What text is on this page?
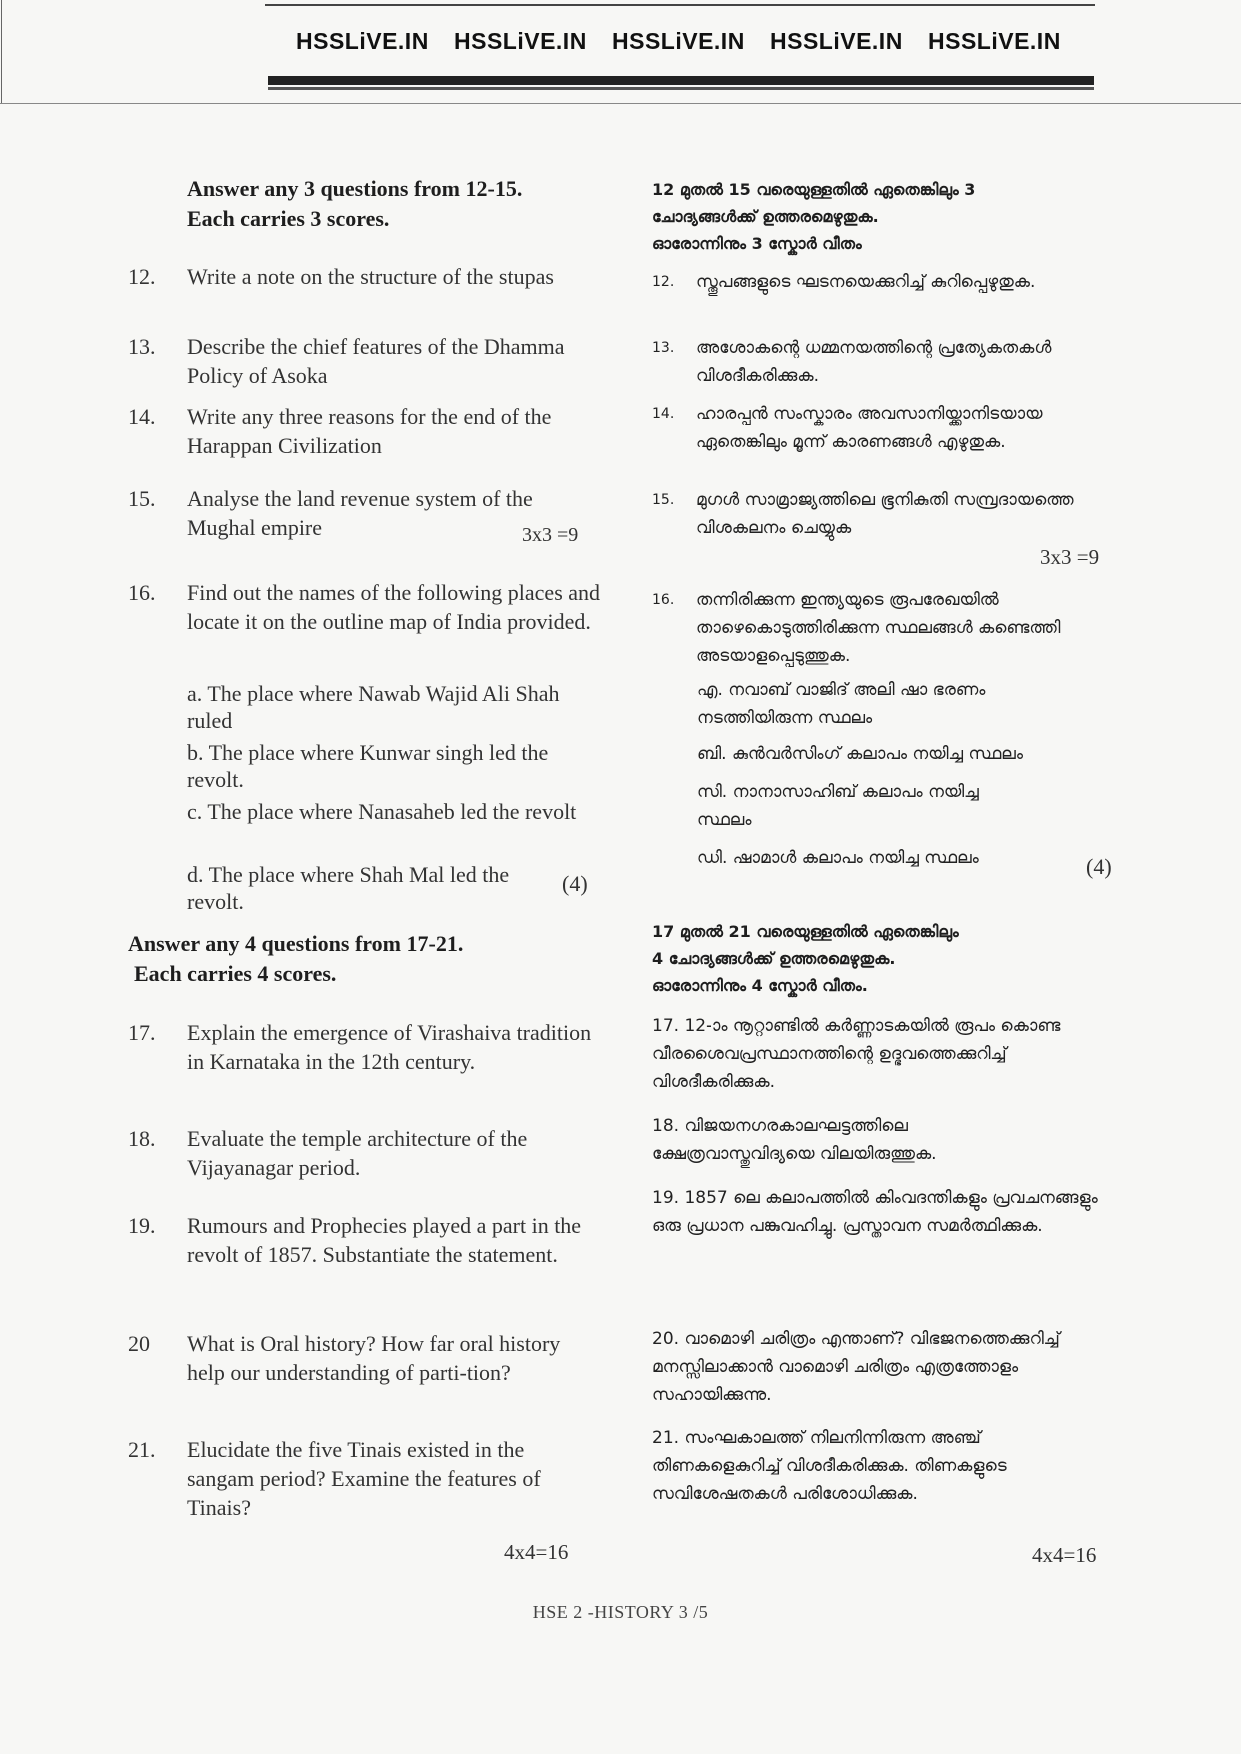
HSSLiVE.IN	HSSLiVE.IN	HSSLiVE.IN	HSSLiVE.IN	HSSLiVE.IN
Answer any 3 questions from 12-15.
Each carries 3 scores.
12. Write a note on the structure of the stupas
13. Describe the chief features of the Dhamma Policy of Asoka
14. Write any three reasons for the end of the Harappan Civilization
15. Analyse the land revenue system of the Mughal empire	3x3 =9
16. Find out the names of the following places and locate it on the outline map of India provided.
a. The place where Nawab Wajid Ali Shah ruled
b. The place where Kunwar singh led the revolt.
c. The place where Nanasaheb led the revolt
d. The place where Shah Mal led the revolt.
(4)
Answer any 4 questions from 17-21.
Each carries 4 scores.
17. Explain the emergence of Virashaiva tradition in Karnataka in the 12th century.
18. Evaluate the temple architecture of the Vijayanagar period.
19. Rumours and Prophecies played a part in the revolt of 1857. Substantiate the statement.
20 What is Oral history? How far oral history help our understanding of parti-tion?
21. Elucidate the five Tinais existed in the sangam period? Examine the features of Tinais?
4x4=16
12 മുതൽ 15 വരെയുള്ളതിൽ ഏതെങ്കിലും 3
ചോദ്യങ്ങൾക്ക് ഉത്തരമെഴുതുക.
ഓരോന്നിനും 3 സ്കോർ വീതം
12. സ്തൂപങ്ങളുടെ ഘടനയെക്കുറിച്ച് കുറിപ്പെഴുതുക.
13. അശോകന്റെ ധമ്മനയത്തിന്റെ പ്രത്യേകതകൾ വിശദീകരിക്കുക.
14. ഹാരപ്പൻ സംസ്കാരം അവസാനിയ്ക്കാനിടയായ ഏതെങ്കിലും മൂന്ന് കാരണങ്ങൾ എഴുതുക.
15. മുഗൾ സാമ്രാജ്യത്തിലെ ഭൂനികുതി സമ്പ്രദായത്തെ വിശകലനം ചെയ്യുക
3x3 =9
16. തന്നിരിക്കുന്ന ഇന്ത്യയുടെ രൂപരേഖയിൽ താഴെകൊടുത്തിരിക്കുന്ന സ്ഥലങ്ങൾ കണ്ടെത്തി അടയാളപ്പെടുത്തുക.
എ. നവാബ് വാജിദ് അലി ഷാ ഭരണം നടത്തിയിരുന്ന സ്ഥലം
ബി. കുൻവർസിംഗ് കലാപം നയിച്ച സ്ഥലം
സി. നാനാസാഹിബ് കലാപം നയിച്ച സ്ഥലം
ഡി. ഷാമാൾ കലാപം നയിച്ച സ്ഥലം	(4)
17 മുതൽ 21 വരെയുള്ളതിൽ ഏതെങ്കിലും
4 ചോദ്യങ്ങൾക്ക് ഉത്തരമെഴുതുക.
ഓരോന്നിനും 4 സ്കോർ വീതം.
17. 12-ാം നൂറ്റാണ്ടിൽ കർണ്ണാടകയിൽ രൂപം കൊണ്ട വീരശൈവപ്രസ്ഥാനത്തിന്റെ ഉദ്ഭവത്തെക്കുറിച്ച് വിശദീകരിക്കുക.
18. വിജയനഗരകാലഘട്ടത്തിലെ ക്ഷേത്രവാസ്തുവിദ്യയെ വിലയിരുത്തുക.
19. 1857 ലെ കലാപത്തിൽ കിംവദന്തികളും പ്രവചനങ്ങളും ഒരു പ്രധാന പങ്കുവഹിച്ചു. പ്രസ്താവന സമർത്ഥിക്കുക.
20. വാമൊഴി ചരിത്രം എന്താണ്? വിഭജനത്തെക്കുറിച്ച് മനസ്സിലാക്കാൻ വാമൊഴി ചരിത്രം എത്രത്തോളം സഹായിക്കുന്നു.
21. സംഘകാലത്ത് നിലനിന്നിരുന്ന അഞ്ച് തിണകളെകുറിച്ച് വിശദീകരിക്കുക. തിണകളുടെ സവിശേഷതകൾ പരിശോധിക്കുക.
4x4=16
HSE 2 -HISTORY 3 /5
